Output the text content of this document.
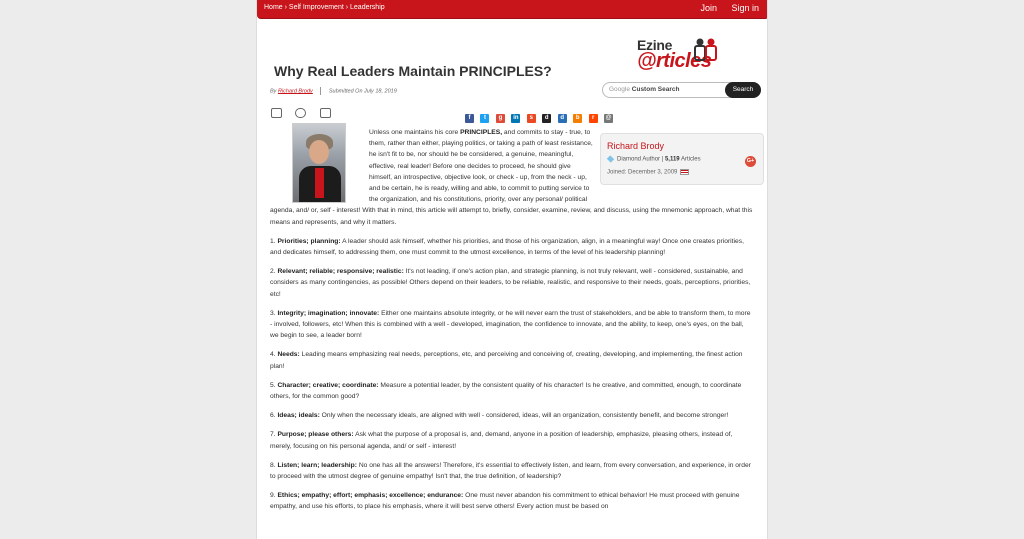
Home › Self Improvement › Leadership	Join Sign in
Ezine
@rticles
Google Custom Search	Search
Why Real Leaders Maintain PRINCIPLES?
By Richard Brody	Submitted On July 18, 2019

f t g in s d d b r @
Richard Brody
Diamond Author | 5,119 Articles
Joined: December 3, 2009
G+

Unless one maintains his core PRINCIPLES, and commits to stay - true, to them, rather than either, playing politics, or taking a path of least resistance, he isn't fit to be, nor should he be considered, a genuine, meaningful, effective, real leader! Before one decides to proceed, he should give himself, an introspective, objective look, or check - up, from the neck - up, and be certain, he is ready, willing and able, to commit to putting service to the organization, and his constitutions, priority, over any personal/ political agenda, and/ or, self - interest! With that in mind, this article will attempt to, briefly, consider, examine, review, and discuss, using the mnemonic approach, what this means and represents, and why it matters.

1. Priorities; planning: A leader should ask himself, whether his priorities, and those of his organization, align, in a meaningful way! Once one creates priorities, and dedicates himself, to addressing them, one must commit to the utmost excellence, in terms of the level of his leadership planning!

2. Relevant; reliable; responsive; realistic: It's not leading, if one's action plan, and strategic planning, is not truly relevant, well - considered, sustainable, and considers as many contingencies, as possible! Others depend on their leaders, to be reliable, realistic, and responsive to their needs, goals, perceptions, priorities, etc!

3. Integrity; imagination; innovate: Either one maintains absolute integrity, or he will never earn the trust of stakeholders, and be able to transform them, to more - involved, followers, etc! When this is combined with a well - developed, imagination, the confidence to innovate, and the ability, to keep, one's eyes, on the ball, we begin to see, a leader born!

4. Needs: Leading means emphasizing real needs, perceptions, etc, and perceiving and conceiving of, creating, developing, and implementing, the finest action plan!

5. Character; creative; coordinate: Measure a potential leader, by the consistent quality of his character! Is he creative, and committed, enough, to coordinate others, for the common good?

6. Ideas; ideals: Only when the necessary ideals, are aligned with well - considered, ideas, will an organization, consistently benefit, and become stronger!

7. Purpose; please others: Ask what the purpose of a proposal is, and, demand, anyone in a position of leadership, emphasize, pleasing others, instead of, merely, focusing on his personal agenda, and/ or self - interest!

8. Listen; learn; leadership: No one has all the answers! Therefore, it's essential to effectively listen, and learn, from every conversation, and experience, in order to proceed with the utmost degree of genuine empathy! Isn't that, the true definition, of leadership?

9. Ethics; empathy; effort; emphasis; excellence; endurance: One must never abandon his commitment to ethical behavior! He must proceed with genuine empathy, and use his efforts, to place his emphasis, where it will best serve others! Every action must be based on
